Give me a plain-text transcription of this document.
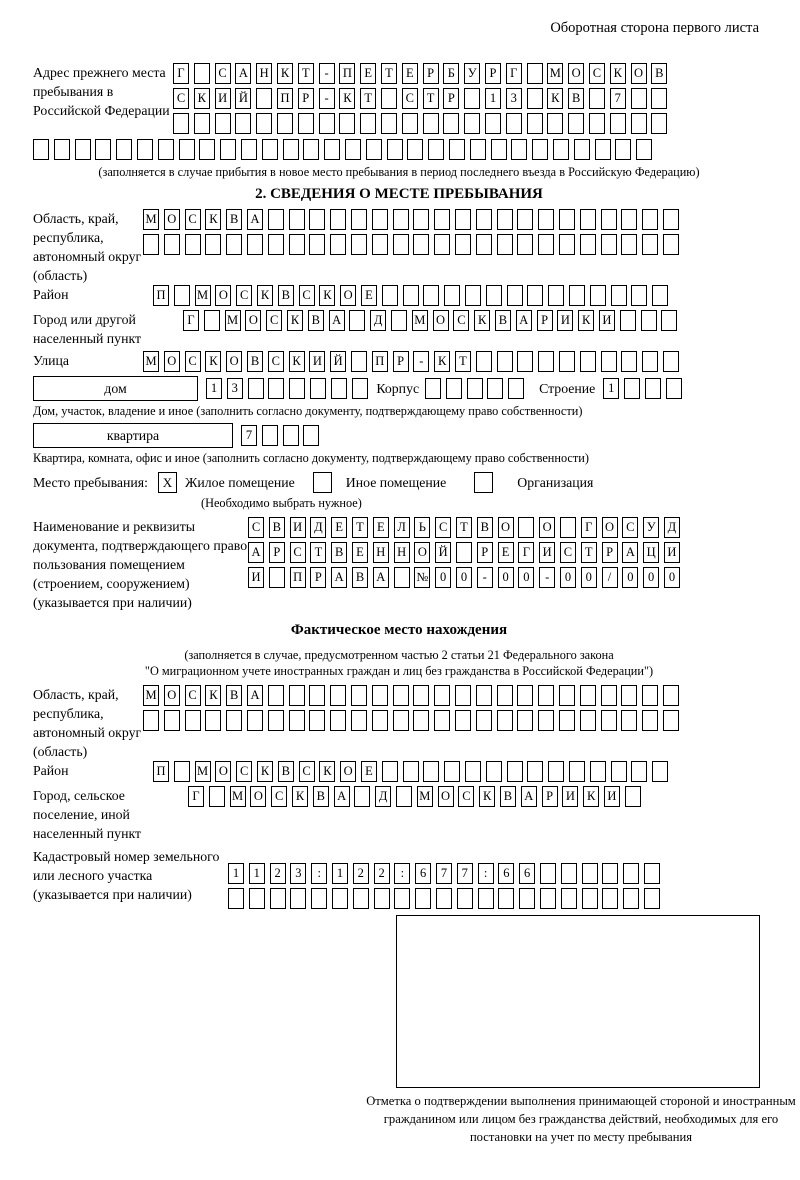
Оборотная сторона первого листа
Адрес прежнего места пребывания в Российской Федерации
Г	С А Н К	Т	-	П Е	Т	Е	Р	Б	У	Р	Г	М О С К О В
С К И Й	П	Р	-	К	Т	С	Т	Р	1	3	К В	7
(заполняется в случае прибытия в новое место пребывания в период последнего въезда в Российскую Федерацию)
2. СВЕДЕНИЯ О МЕСТЕ ПРЕБЫВАНИЯ
Область, край, республика, автономный округ (область)
М О С К В А
Район	П	М О С К В С К О Е
Город или другой населенный пункт
Г	М О С К В А	Д	М О С К В А	Р	И К И
Улица	М О С К О В С К И Й	П	Р	-	К	Т
дом	1	3	Корпус	Строение	1
Дом, участок, владение и иное (заполнить согласно документу, подтверждающему право собственности)
квартира	7
Квартира, комната, офис и иное (заполнить согласно документу, подтверждающему право собственности)
Место пребывания:	X Жилое помещение	Иное помещение	Организация
(Необходимо выбрать нужное)
Наименование и реквизиты документа, подтверждающего право пользования помещением (строением, сооружением) (указывается при наличии)
С В И Д	Е	Т	Е	Л	Ь	С	Т	В О	О	Г	О С У Д
А	Р	С	Т	В	Е Н Н О Й	Р	Е	Г	И С	Т	Р	А Ц И
И	П	Р	А В А № 0	0	-	0	0	-	0	0	/	0	0	0
Фактическое место нахождения
(заполняется в случае, предусмотренном частью 2 статьи 21 Федерального закона
"О миграционном учете иностранных граждан и лиц без гражданства в Российской Федерации")
Область, край, республика, автономный округ (область)
М О С К В А
Район	П	М О С К В С К О Е
Город, сельское поселение, иной населенный пункт
Г	М О С К В А	Д	М О С К В А	Р	И К И
Кадастровый номер земельного или лесного участка (указывается при наличии)
1	1	2	3	:	1	2	2	:	6	7	7	:	6	6
Отметка о подтверждении выполнения принимающей стороной и иностранным гражданином или лицом без гражданства действий, необходимых для его постановки на учет по месту пребывания
